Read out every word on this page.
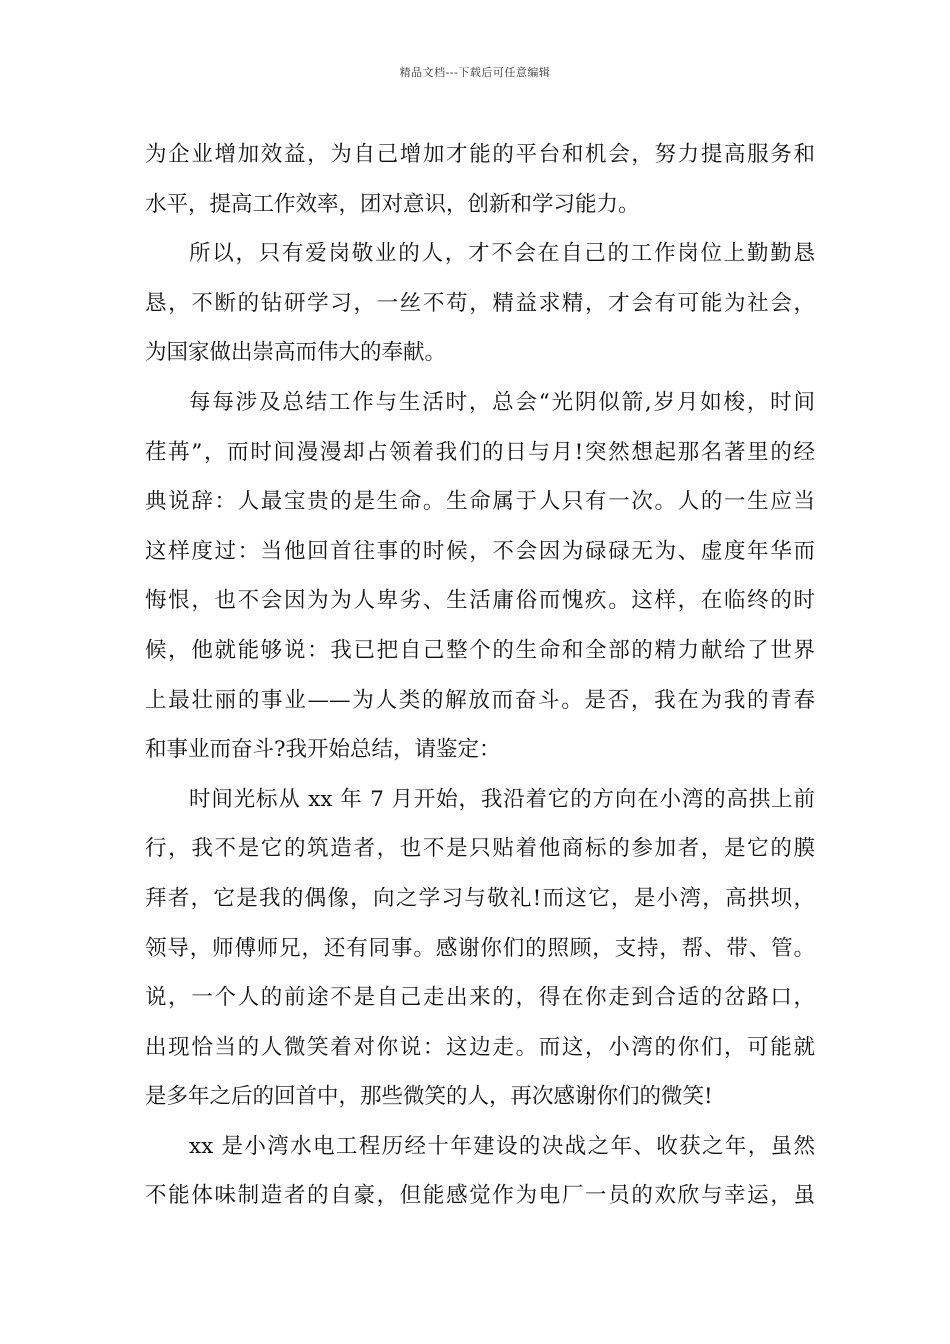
精品文档---下载后可任意编辑
为企业增加效益，为自己增加才能的平台和机会，努力提高服务和
水平，提高工作效率，团对意识，创新和学习能力。
所以，只有爱岗敬业的人，才不会在自己的工作岗位上勤勤恳
恳，不断的钻研学习，一丝不苟，精益求精，才会有可能为社会，
为国家做出崇高而伟大的奉献。
每每涉及总结工作与生活时，总会“光阴似箭,岁月如梭，时间
荏苒”，而时间漫漫却占领着我们的日与月!突然想起那名著里的经
典说辞：人最宝贵的是生命。生命属于人只有一次。人的一生应当
这样度过：当他回首往事的时候，不会因为碌碌无为、虚度年华而
悔恨，也不会因为为人卑劣、生活庸俗而愧疚。这样，在临终的时
候，他就能够说：我已把自己整个的生命和全部的精力献给了世界
上最壮丽的事业——为人类的解放而奋斗。是否，我在为我的青春
和事业而奋斗?我开始总结，请鉴定：
时间光标从 xx 年 7 月开始，我沿着它的方向在小湾的高拱上前
行，我不是它的筑造者，也不是只贴着他商标的参加者，是它的膜
拜者，它是我的偶像，向之学习与敬礼!而这它，是小湾，高拱坝，
领导，师傅师兄，还有同事。感谢你们的照顾，支持，帮、带、管。
说，一个人的前途不是自己走出来的，得在你走到合适的岔路口，
出现恰当的人微笑着对你说：这边走。而这，小湾的你们，可能就
是多年之后的回首中，那些微笑的人，再次感谢你们的微笑!
xx 是小湾水电工程历经十年建设的决战之年、收获之年，虽然
不能体味制造者的自豪，但能感觉作为电厂一员的欢欣与幸运，虽
